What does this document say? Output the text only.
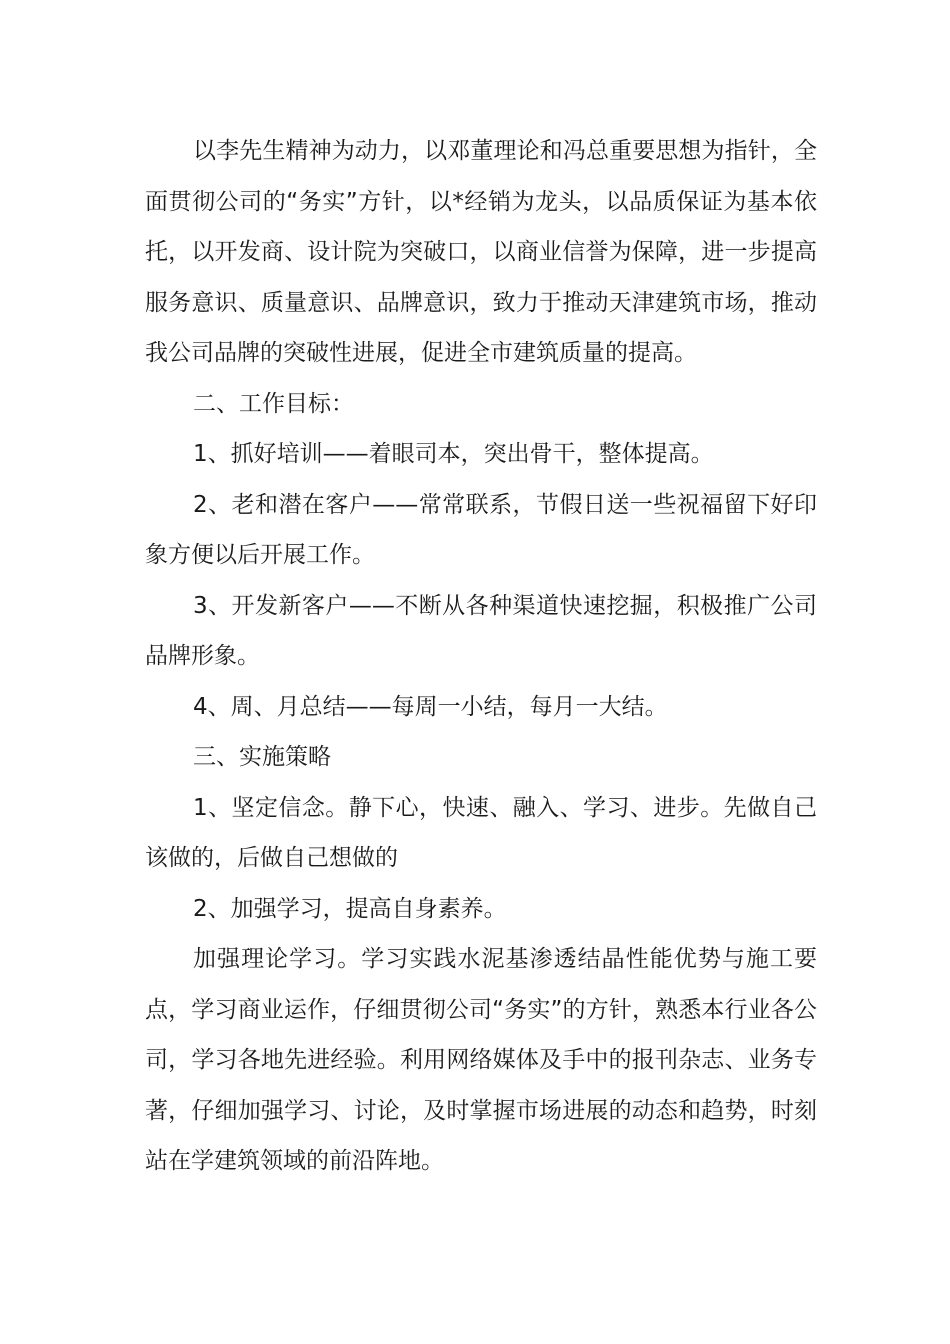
以李先生精神为动力，以邓董理论和冯总重要思想为指针，全面贯彻公司的“务实”方针，以*经销为龙头，以品质保证为基本依托，以开发商、设计院为突破口，以商业信誉为保障，进一步提高服务意识、质量意识、品牌意识，致力于推动天津建筑市场，推动我公司品牌的突破性进展，促进全市建筑质量的提高。

二、工作目标：

1、抓好培训——着眼司本，突出骨干，整体提高。

2、老和潜在客户——常常联系，节假日送一些祝福留下好印象方便以后开展工作。

3、开发新客户——不断从各种渠道快速挖掘，积极推广公司品牌形象。

4、周、月总结——每周一小结，每月一大结。

三、实施策略

1、坚定信念。静下心，快速、融入、学习、进步。先做自己该做的，后做自己想做的

2、加强学习，提高自身素养。

加强理论学习。学习实践水泥基渗透结晶性能优势与施工要点，学习商业运作，仔细贯彻公司“务实”的方针，熟悉本行业各公司，学习各地先进经验。利用网络媒体及手中的报刊杂志、业务专著，仔细加强学习、讨论，及时掌握市场进展的动态和趋势，时刻站在学建筑领域的前沿阵地。
